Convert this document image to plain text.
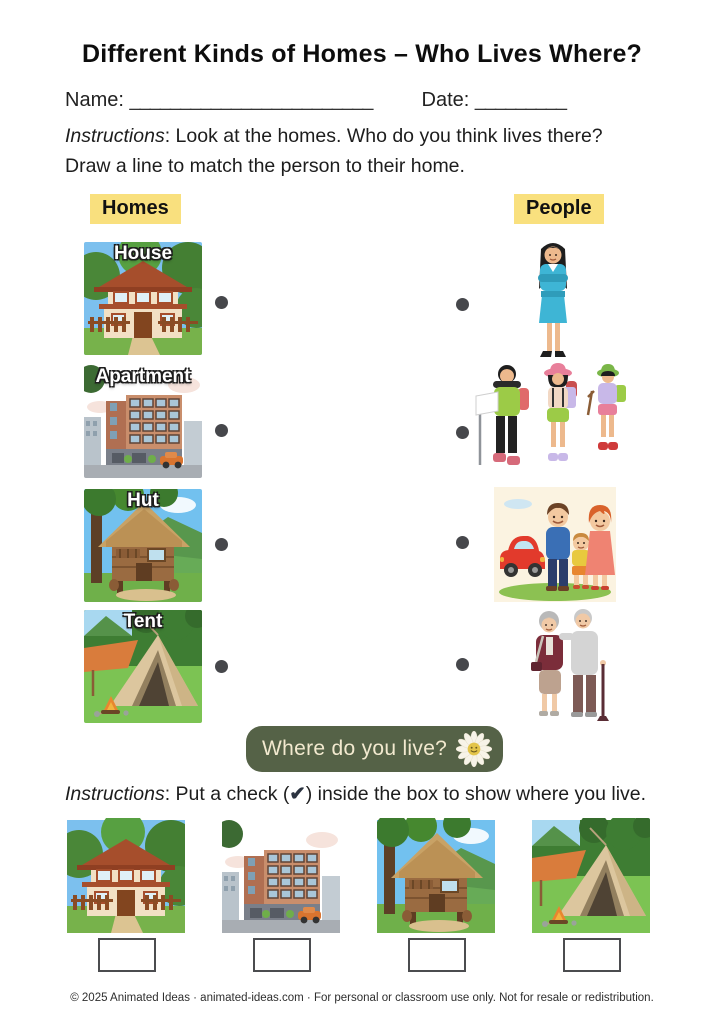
Different Kinds of Homes – Who Lives Where?
Name: ________________________ Date: _________
Instructions: Look at the homes. Who do you think lives there?
Draw a line to match the person to their home.
Homes	People
House
Apartment
Hut
Tent
Where do you live?
Instructions: Put a check (✔) inside the box to show where you live.
© 2025 Animated Ideas · animated-ideas.com · For personal or classroom use only. Not for resale or redistribution.
